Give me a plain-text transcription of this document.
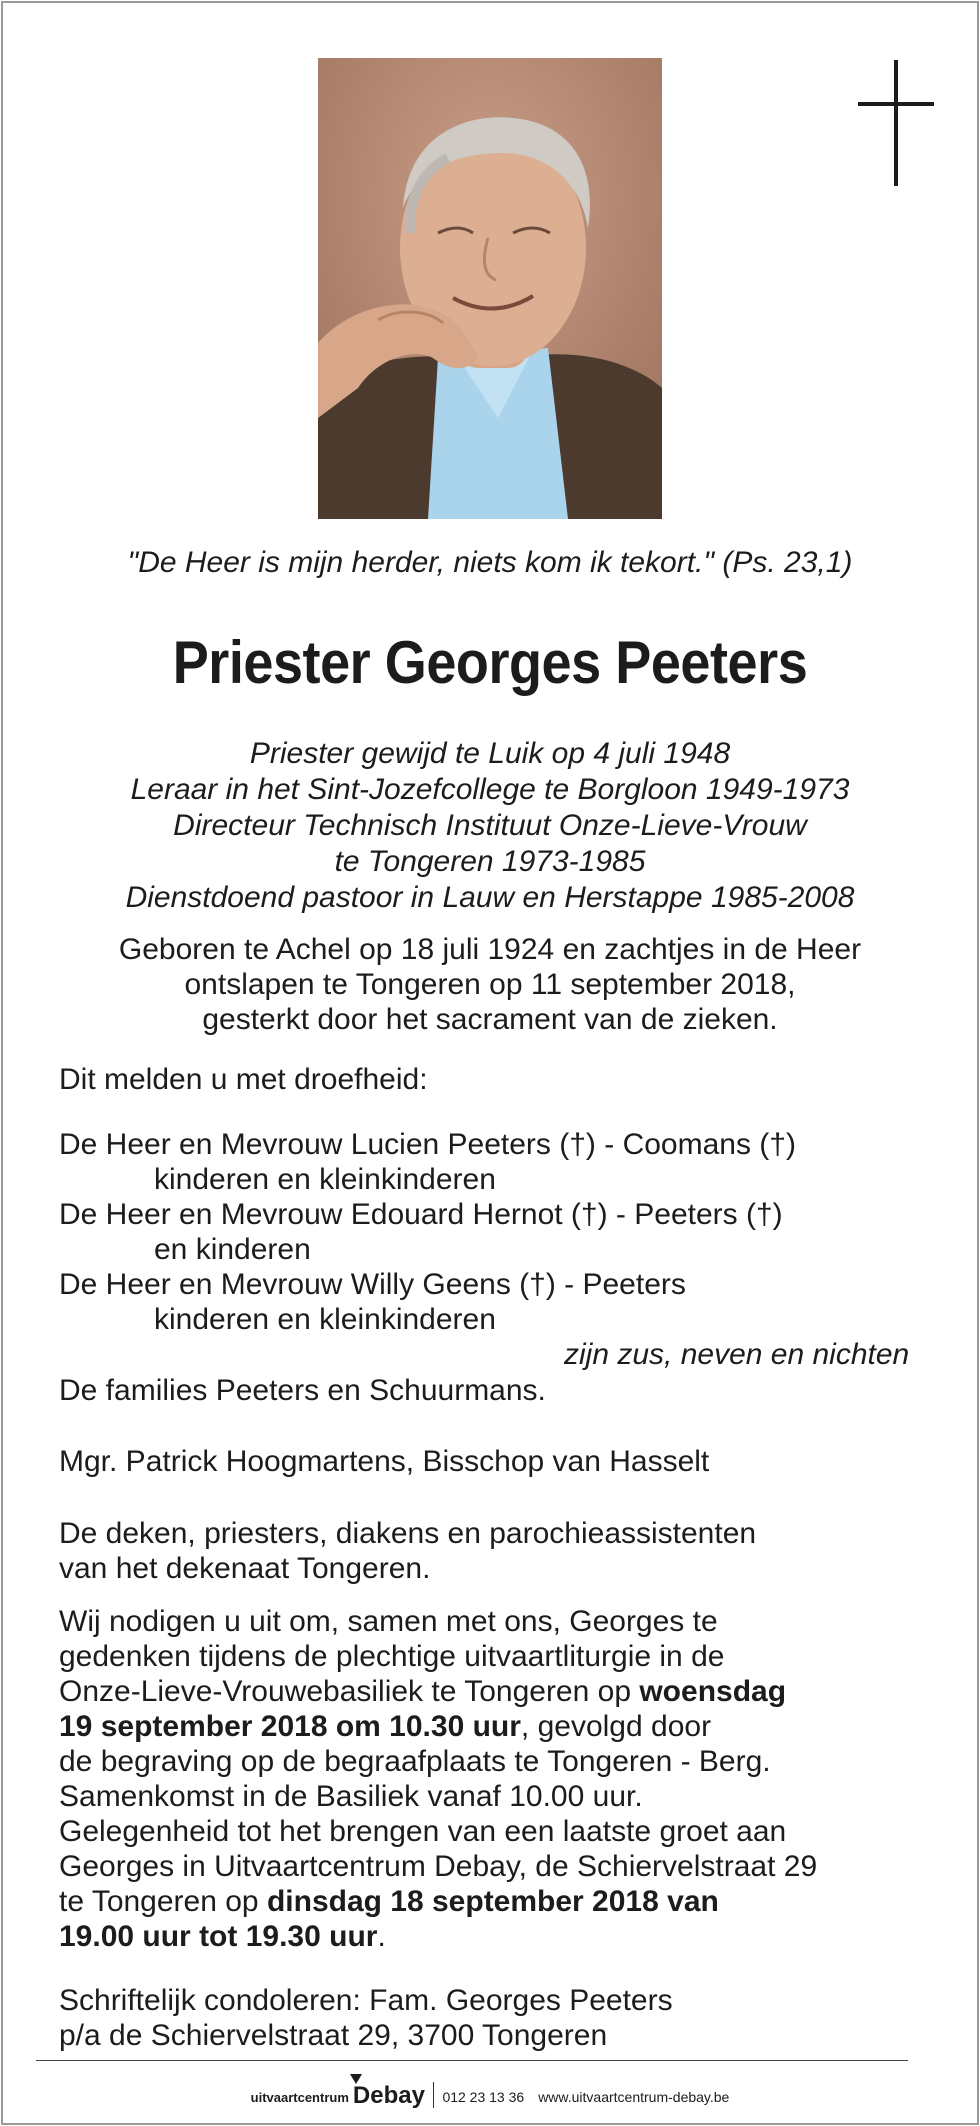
"De Heer is mijn herder, niets kom ik tekort." (Ps. 23,1)
Priester Georges Peeters
Priester gewijd te Luik op 4 juli 1948
Leraar in het Sint-Jozefcollege te Borgloon 1949-1973
Directeur Technisch Instituut Onze-Lieve-Vrouw
te Tongeren 1973-1985
Dienstdoend pastoor in Lauw en Herstappe 1985-2008
Geboren te Achel op 18 juli 1924 en zachtjes in de Heer
ontslapen te Tongeren op 11 september 2018,
gesterkt door het sacrament van de zieken.
Dit melden u met droefheid:
De Heer en Mevrouw Lucien Peeters (†) - Coomans (†)
kinderen en kleinkinderen
De Heer en Mevrouw Edouard Hernot (†) - Peeters (†)
en kinderen
De Heer en Mevrouw Willy Geens (†) - Peeters
kinderen en kleinkinderen
zijn zus, neven en nichten
De families Peeters en Schuurmans.
Mgr. Patrick Hoogmartens, Bisschop van Hasselt
De deken, priesters, diakens en parochieassistenten
van het dekenaat Tongeren.
Wij nodigen u uit om, samen met ons, Georges te
gedenken tijdens de plechtige uitvaartliturgie in de
Onze-Lieve-Vrouwebasiliek te Tongeren op woensdag
19 september 2018 om 10.30 uur, gevolgd door
de begraving op de begraafplaats te Tongeren - Berg.
Samenkomst in de Basiliek vanaf 10.00 uur.
Gelegenheid tot het brengen van een laatste groet aan
Georges in Uitvaartcentrum Debay, de Schiervelstraat 29
te Tongeren op dinsdag 18 september 2018 van
19.00 uur tot 19.30 uur.
Schriftelijk condoleren: Fam. Georges Peeters
p/a de Schiervelstraat 29, 3700 Tongeren
uitvaartcentrum Debay 012 23 13 36 www.uitvaartcentrum-debay.be
